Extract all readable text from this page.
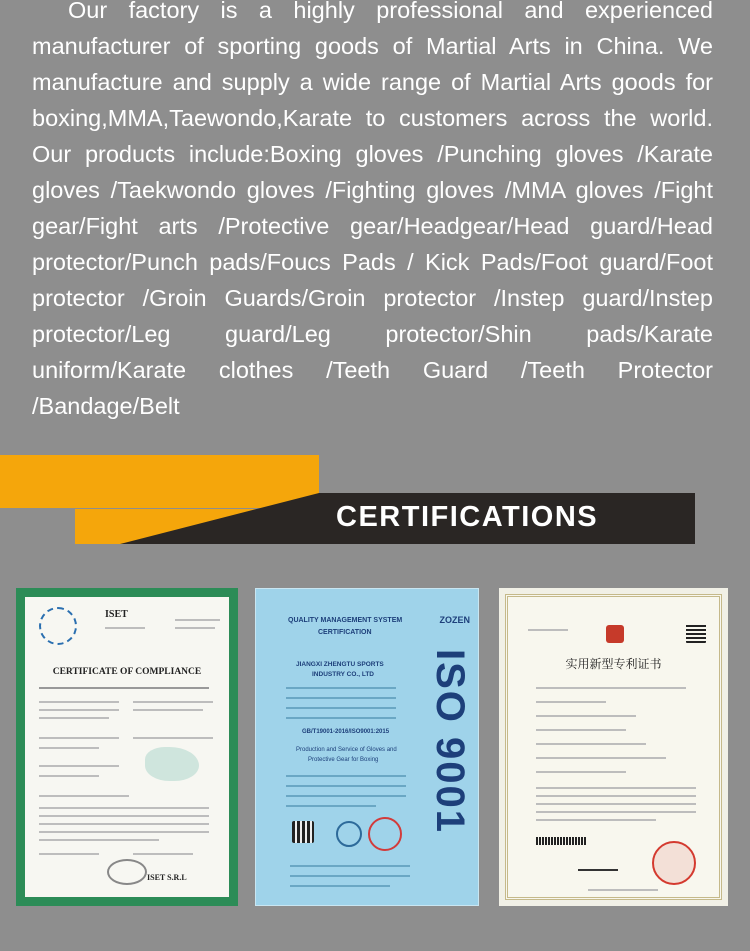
Our factory is a highly professional and experienced manufacturer of sporting goods of Martial Arts in China. We manufacture and supply a wide range of Martial Arts goods for boxing,MMA,Taewondo,Karate to customers across the world. Our products include:Boxing gloves /Punching gloves /Karate gloves /Taekwondo gloves /Fighting gloves /MMA gloves /Fight gear/Fight arts /Protective gear/Headgear/Head guard/Head protector/Punch pads/Foucs Pads / Kick Pads/Foot guard/Foot protector /Groin Guards/Groin protector /Instep guard/Instep protector/Leg guard/Leg protector/Shin pads/Karate uniform/Karate clothes /Teeth Guard /Teeth Protector /Bandage/Belt

CERTIFICATIONS
ISET
CERTIFICATE OF COMPLIANCE
ISET S.R.L
QUALITY MANAGEMENT SYSTEM
CERTIFICATION
ZOZEN
JIANGXI ZHENGTU SPORTS
INDUSTRY CO., LTD
GB/T19001-2016/ISO9001:2015
Production and Service of Gloves and
Protective Gear for Boxing ISO 9001	实用新型专利证书
